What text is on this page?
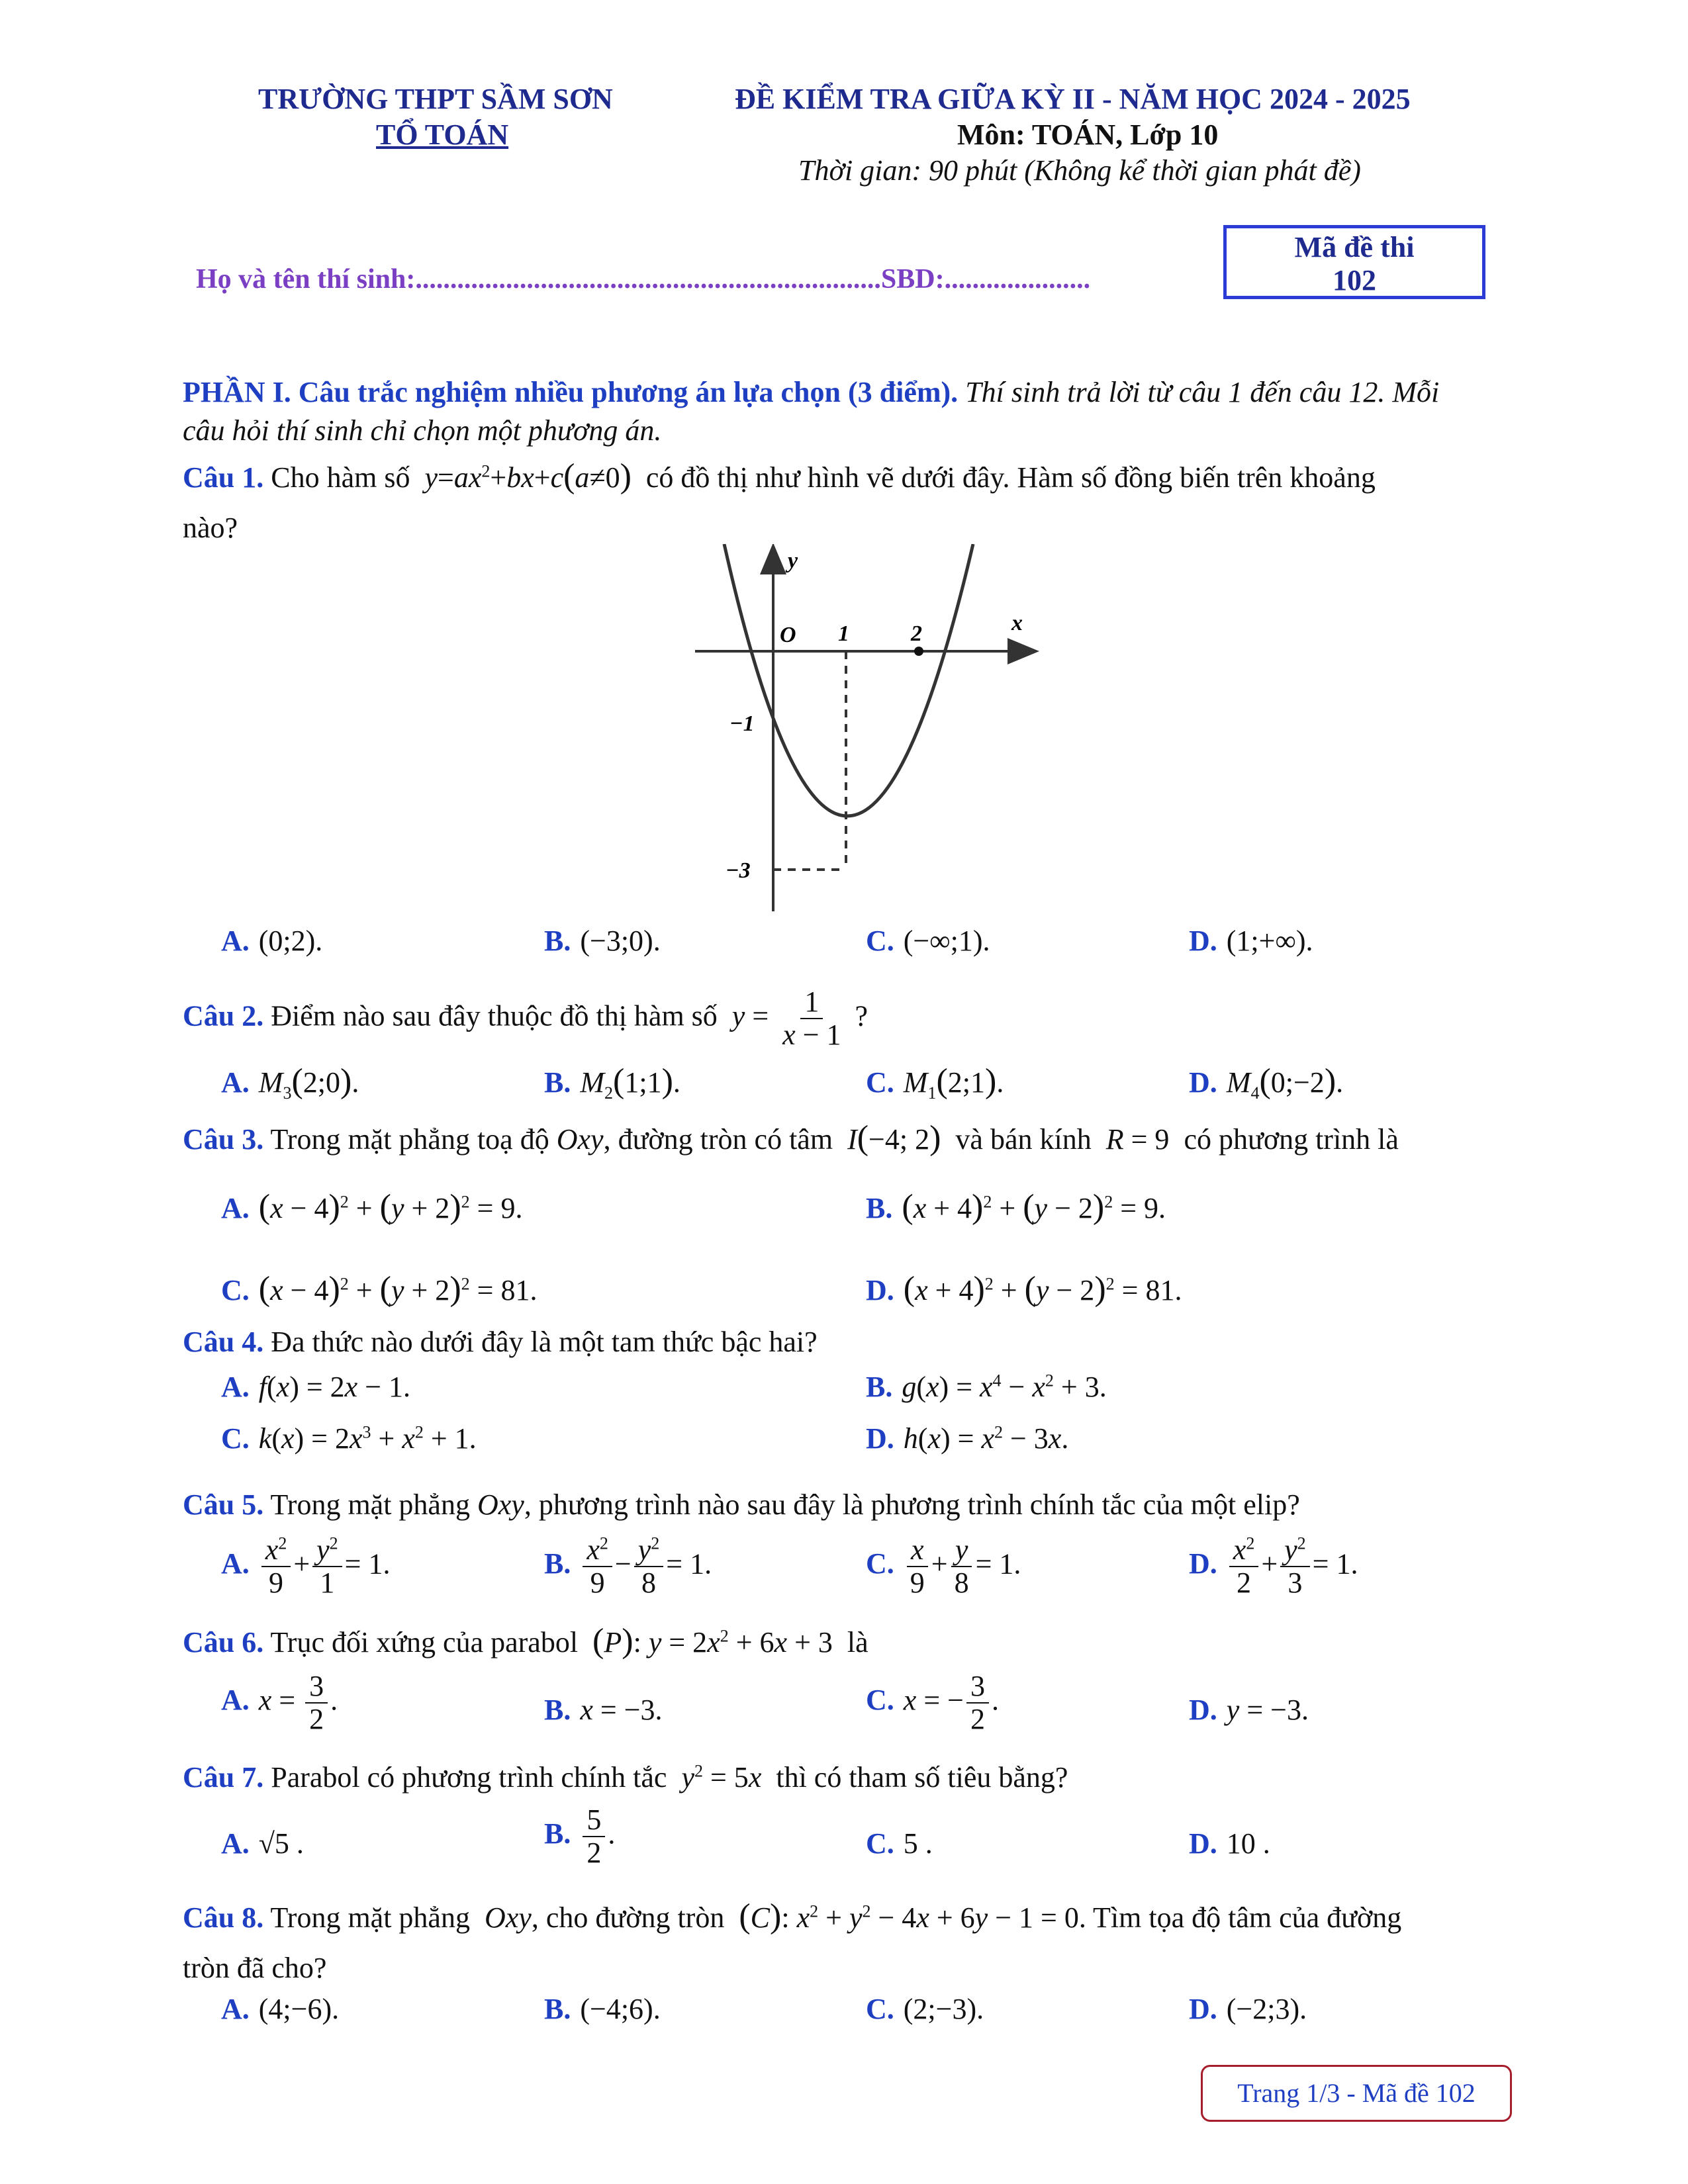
TRƯỜNG THPT SẦM SƠN
TỔ TOÁN
ĐỀ KIỂM TRA GIỮA KỲ II - NĂM HỌC 2024 - 2025
Môn: TOÁN, Lớp 10
Thời gian: 90 phút (Không kể thời gian phát đề)
Họ và tên thí sinh:...................................................................SBD:.....................
Mã đề thi
102
PHẦN I. Câu trắc nghiệm nhiều phương án lựa chọn (3 điểm). Thí sinh trả lời từ câu 1 đến câu 12. Mỗi
câu hỏi thí sinh chỉ chọn một phương án.
Câu 1. Cho hàm số $y=ax^2+bx+c(a\ne 0)$ có đồ thị như hình vẽ dưới đây. Hàm số đồng biến trên khoảng
nào?
y
x
O 1	2
−1
−3
A. (0;2).	B. (−3;0).	C. (−∞;1).	D. (1;+∞).
Câu 2. Điểm nào sau đây thuộc đồ thị hàm số $y = \frac{1}{x - 1}$ ?
A. $M_3(2;0)$.	B. $M_2(1;1)$.	C. $M_1(2;1)$.	D. $M_4(0;-2)$.
Câu 3. Trong mặt phẳng toạ độ Oxy, đường tròn có tâm I(−4; 2) và bán kính R = 9  có phương trình là
A. $(x - 4)^2 + (y + 2)^2 = 9$.	B. $(x + 4)^2 + (y - 2)^2 = 9$.
C. $(x - 4)^2 + (y + 2)^2 = 81$.	D. $(x + 4)^2 + (y - 2)^2 = 81$.
Câu 4. Đa thức nào dưới đây là một tam thức bậc hai?
A. f(x) = 2x − 1.	B. $g(x) = x^4 - x^2 + 3$.
C. $k(x) = 2x^3 + x^2 + 1$.	D. $h(x) = x^2 - 3x$.
Câu 5. Trong mặt phẳng Oxy, phương trình nào sau đây là phương trình chính tắc của một elip?
A. $\frac{x^2}{9} + \frac{y^2}{1} = 1$.	B. $\frac{x^2}{9} - \frac{y^2}{8} = 1$.	C. $\frac{x}{9} + \frac{y}{8} = 1$.	D. $\frac{x^2}{2} + \frac{y^2}{3} = 1$.
Câu 6. Trục đối xứng của parabol (P): $y = 2x^2 + 6x + 3$  là
A. $x = \frac{3}{2}$ .	B. x = −3.	C. x = − $\frac{3}{2}$ .	D. y = −3.
Câu 7. Parabol có phương trình chính tắc $y^2 = 5x$ thì có tham số tiêu bằng?
A. √5 .	B. $\frac{5}{2}$ .	C. 5 .	D. 10 .
Câu 8. Trong mặt phẳng Oxy, cho đường tròn (C): $x^2 + y^2 - 4x + 6y - 1 = 0$. Tìm tọa độ tâm của đường
tròn đã cho?
A. (4;−6).	B. (−4;6).	C. (2;−3).	D. (−2;3).
Trang 1/3 - Mã đề 102
